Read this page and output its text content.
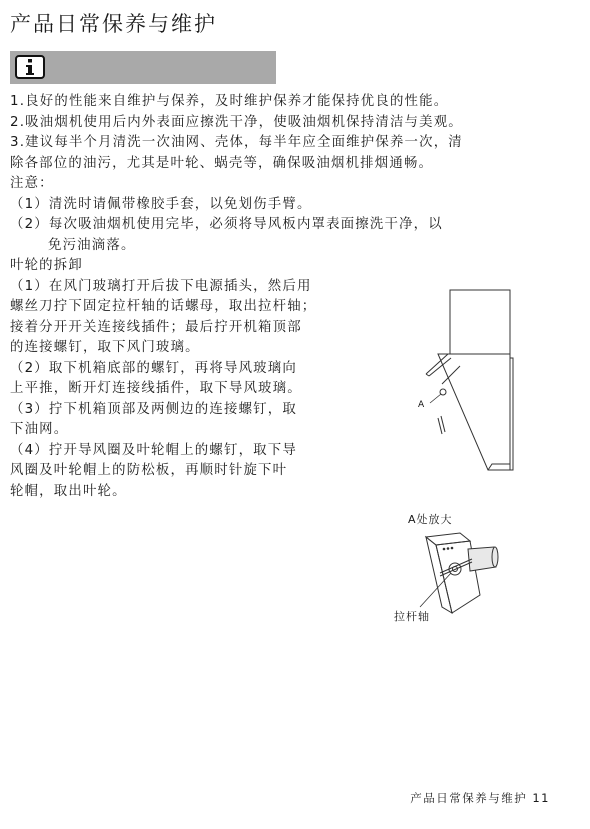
产品日常保养与维护

1.良好的性能来自维护与保养，及时维护保养才能保持优良的性能。

2.吸油烟机使用后内外表面应擦洗干净，使吸油烟机保持清洁与美观。

3.建议每半个月清洗一次油网、壳体，每半年应全面维护保养一次，清

除各部位的油污，尤其是叶轮、蜗壳等，确保吸油烟机排烟通畅。

注意：

（1）清洗时请佩带橡胶手套，以免划伤手臂。

（2）每次吸油烟机使用完毕，必须将导风板内罩表面擦洗干净，以

免污油滴落。

叶轮的拆卸

（1）在风门玻璃打开后拔下电源插头，然后用

螺丝刀拧下固定拉杆轴的话螺母，取出拉杆轴；

接着分开开关连接线插件；最后拧开机箱顶部

的连接螺钉，取下风门玻璃。

（2）取下机箱底部的螺钉，再将导风玻璃向

上平推，断开灯连接线插件，取下导风玻璃。

（3）拧下机箱顶部及两侧边的连接螺钉，取

下油网。

（4）拧开导风圈及叶轮帽上的螺钉，取下导

风圈及叶轮帽上的防松板，再顺时针旋下叶

轮帽，取出叶轮。

A
A处放大
拉杆轴
产品日常保养与维护 11
